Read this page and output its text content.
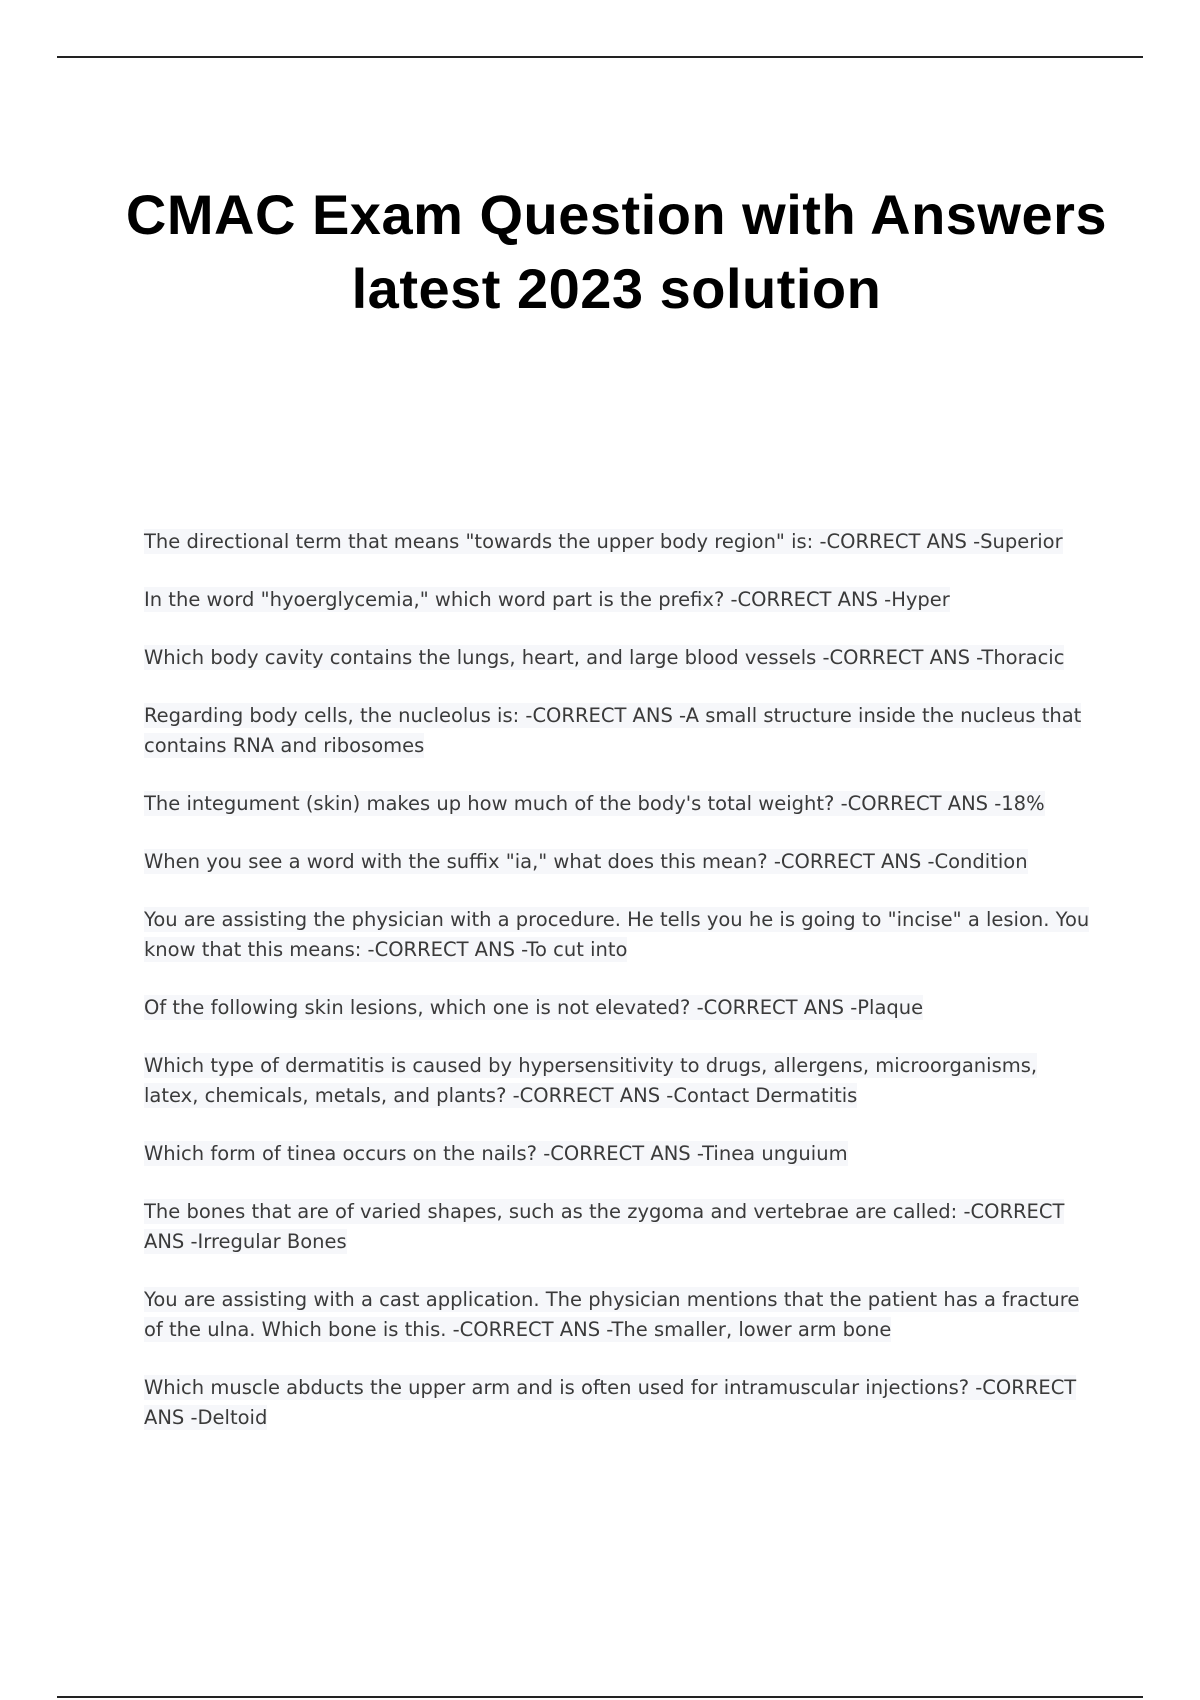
CMAC Exam Question with Answers latest 2023 solution
The directional term that means "towards the upper body region" is: -CORRECT ANS -Superior
In the word "hyoerglycemia," which word part is the prefix? -CORRECT ANS -Hyper
Which body cavity contains the lungs, heart, and large blood vessels -CORRECT ANS -Thoracic
Regarding body cells, the nucleolus is: -CORRECT ANS -A small structure inside the nucleus that contains RNA and ribosomes
The integument (skin) makes up how much of the body's total weight? -CORRECT ANS -18%
When you see a word with the suffix "ia," what does this mean? -CORRECT ANS -Condition
You are assisting the physician with a procedure. He tells you he is going to "incise" a lesion. You know that this means: -CORRECT ANS -To cut into
Of the following skin lesions, which one is not elevated? -CORRECT ANS -Plaque
Which type of dermatitis is caused by hypersensitivity to drugs, allergens, microorganisms, latex, chemicals, metals, and plants? -CORRECT ANS -Contact Dermatitis
Which form of tinea occurs on the nails? -CORRECT ANS -Tinea unguium
The bones that are of varied shapes, such as the zygoma and vertebrae are called: -CORRECT ANS -Irregular Bones
You are assisting with a cast application. The physician mentions that the patient has a fracture of the ulna. Which bone is this. -CORRECT ANS -The smaller, lower arm bone
Which muscle abducts the upper arm and is often used for intramuscular injections? -CORRECT ANS -Deltoid
